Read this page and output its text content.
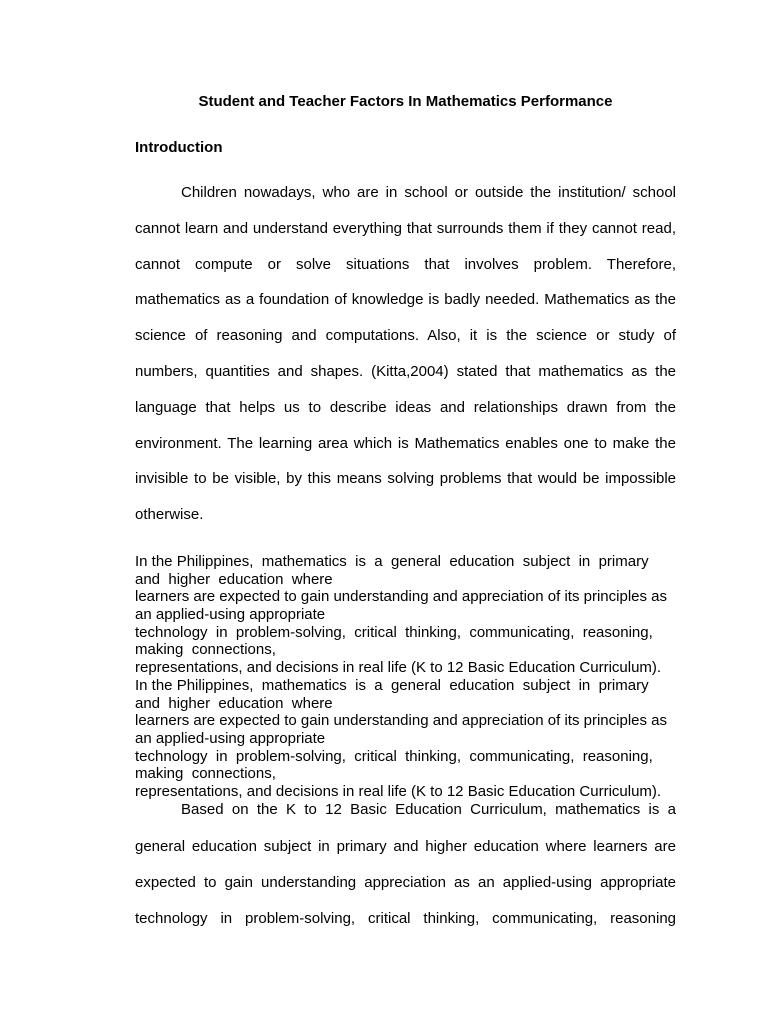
Student and Teacher Factors In Mathematics Performance
Introduction
Children nowadays, who are in school or outside the institution/ school
cannot learn and understand everything that surrounds them if they cannot read,
cannot compute or solve situations that involves problem. Therefore,
mathematics as a foundation of knowledge is badly needed. Mathematics as the
science of reasoning and computations. Also, it is the science or study of
numbers, quantities and shapes. (Kitta,2004) stated that mathematics as the
language that helps us to describe ideas and relationships drawn from the
environment. The learning area which is Mathematics enables one to make the
invisible to be visible, by this means solving problems that would be impossible
otherwise.
In the Philippines,  mathematics  is  a  general  education  subject  in  primary
and  higher  education  where
learners are expected to gain understanding and appreciation of its principles as
an applied-using appropriate
technology  in  problem-solving,  critical  thinking,  communicating,  reasoning,
making  connections,
representations, and decisions in real life (K to 12 Basic Education Curriculum).
In the Philippines,  mathematics  is  a  general  education  subject  in  primary
and  higher  education  where
learners are expected to gain understanding and appreciation of its principles as
an applied-using appropriate
technology  in  problem-solving,  critical  thinking,  communicating,  reasoning,
making  connections,
representations, and decisions in real life (K to 12 Basic Education Curriculum).
Based on the K to 12 Basic Education Curriculum, mathematics is a
general education subject in primary and higher education where learners are
expected to gain understanding appreciation as an applied-using appropriate
technology in problem-solving, critical thinking, communicating, reasoning
